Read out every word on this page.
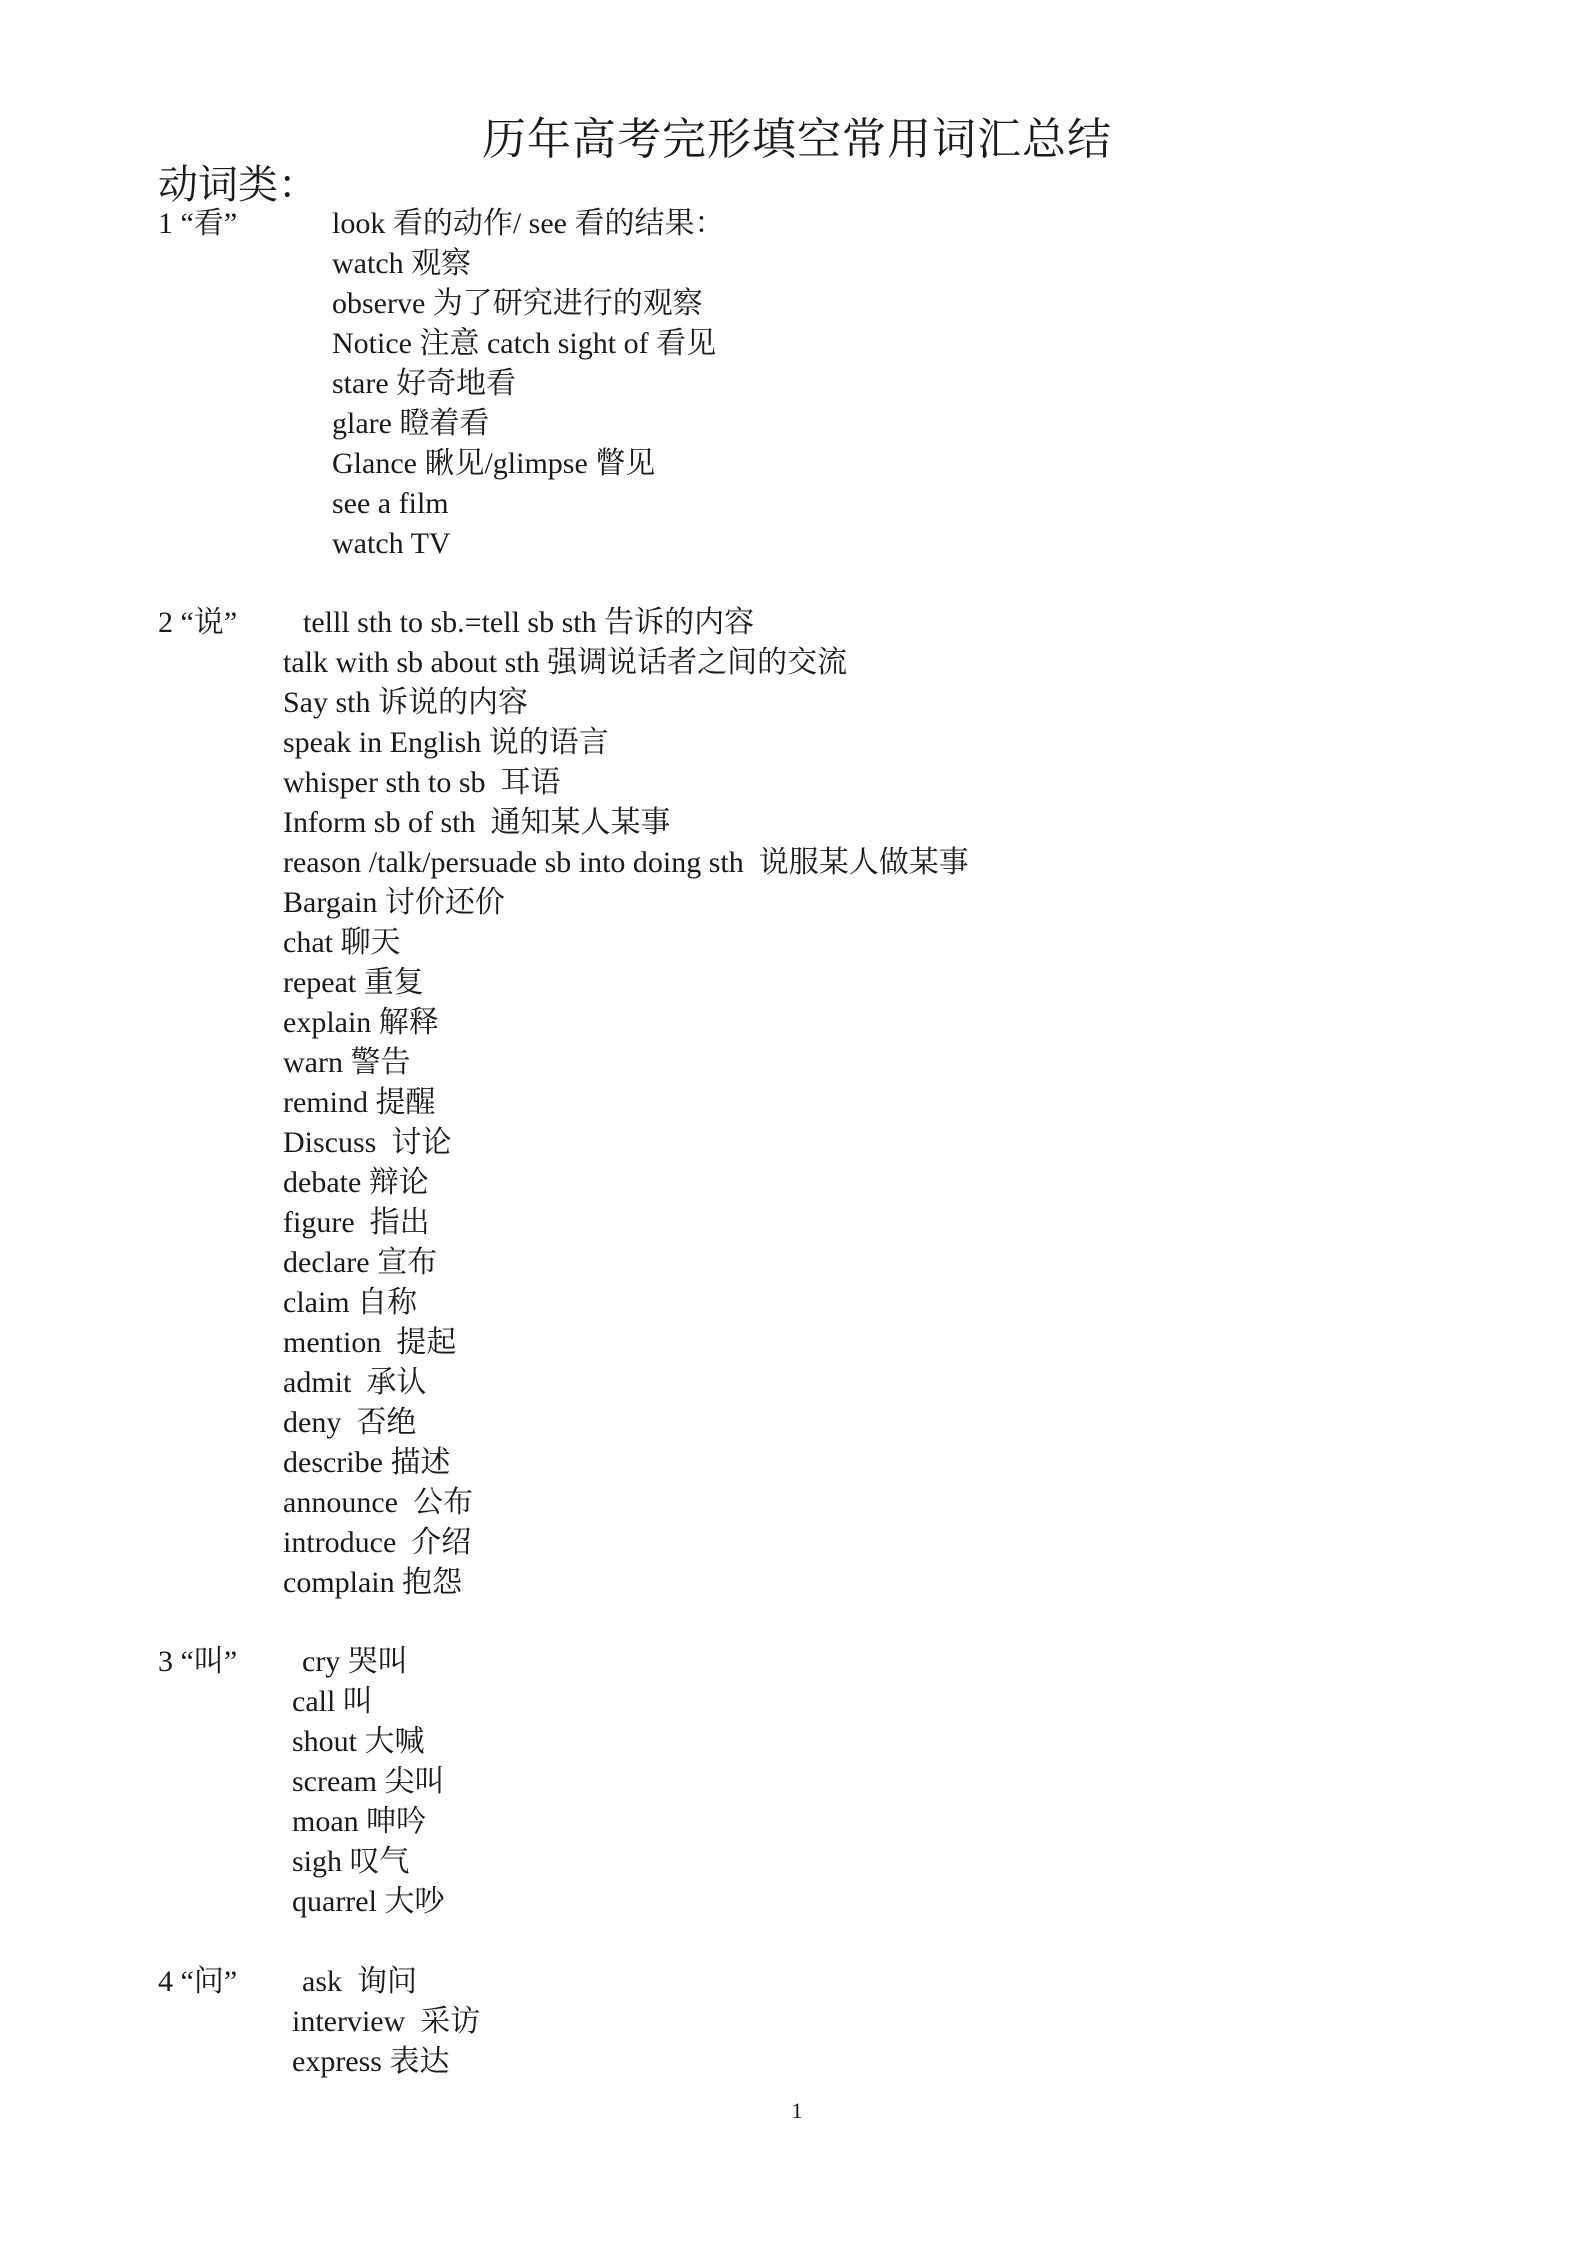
历年高考完形填空常用词汇总结
动词类：
1 “看”	look 看的动作/ see 看的结果：
watch 观察
observe 为了研究进行的观察
Notice 注意 catch sight of 看见
stare 好奇地看
glare 瞪着看
Glance 瞅见/glimpse 瞥见
see a film
watch TV
2 “说”	telll sth to sb.=tell sb sth 告诉的内容
talk with sb about sth 强调说话者之间的交流
Say sth 诉说的内容
speak in English 说的语言
whisper sth to sb  耳语
Inform sb of sth  通知某人某事
reason /talk/persuade sb into doing sth  说服某人做某事
Bargain 讨价还价
chat 聊天
repeat 重复
explain 解释
warn 警告
remind 提醒
Discuss  讨论
debate 辩论
figure  指出
declare 宣布
claim 自称
mention  提起
admit  承认
deny  否绝
describe 描述
announce  公布
introduce  介绍
complain 抱怨
3 “叫”	cry 哭叫
call 叫
shout 大喊
scream 尖叫
moan 呻吟
sigh 叹气
quarrel 大吵
4 “问”	ask  询问
interview  采访
express 表达
1
